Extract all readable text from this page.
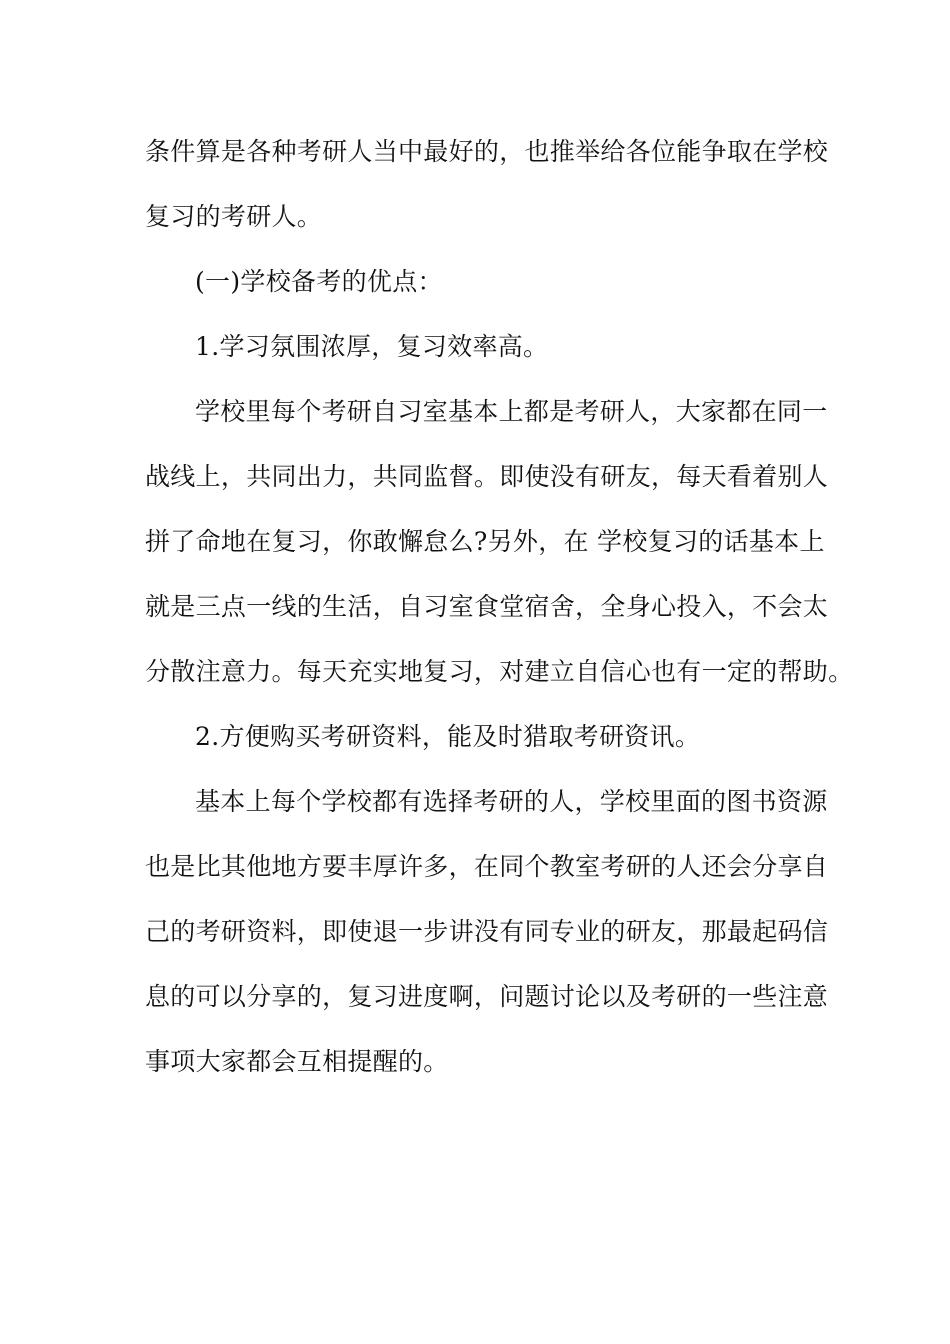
条件算是各种考研人当中最好的，也推举给各位能争取在学校
复习的考研人。
(一)学校备考的优点：
1.学习氛围浓厚，复习效率高。
学校里每个考研自习室基本上都是考研人，大家都在同一
战线上，共同出力，共同监督。即使没有研友，每天看着别人
拼了命地在复习，你敢懈怠么?另外，在 学校复习的话基本上
就是三点一线的生活，自习室食堂宿舍，全身心投入，不会太
分散注意力。每天充实地复习，对建立自信心也有一定的帮助。
2.方便购买考研资料，能及时猎取考研资讯。
基本上每个学校都有选择考研的人，学校里面的图书资源
也是比其他地方要丰厚许多，在同个教室考研的人还会分享自
己的考研资料，即使退一步讲没有同专业的研友，那最起码信
息的可以分享的，复习进度啊，问题讨论以及考研的一些注意
事项大家都会互相提醒的。
